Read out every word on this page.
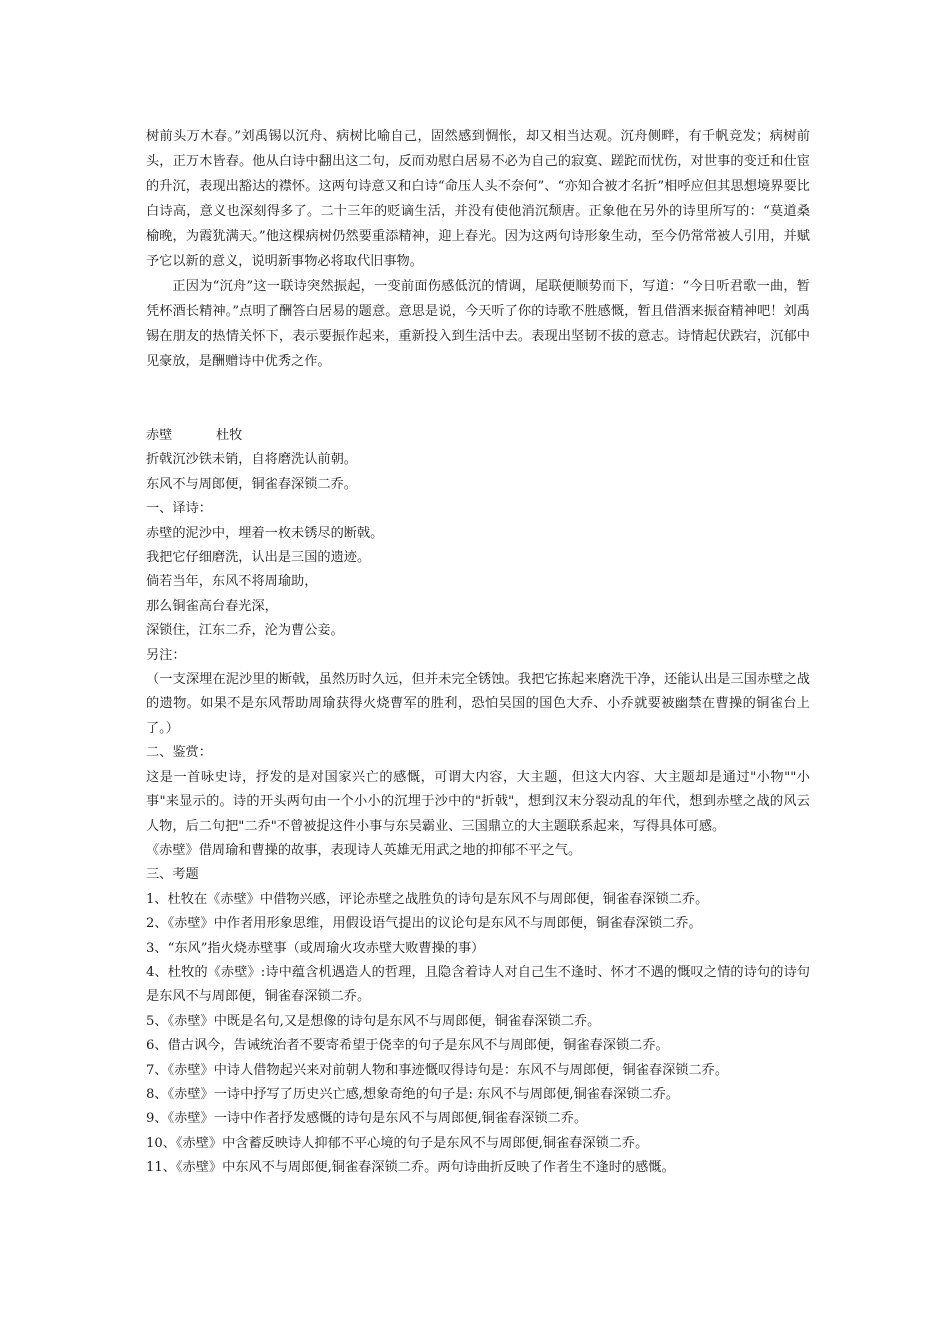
树前头万木春。”刘禹锡以沉舟、病树比喻自己，固然感到惆怅，却又相当达观。沉舟侧畔，有千帆竞发；病树前头，正万木皆春。他从白诗中翻出这二句，反而劝慰白居易不必为自己的寂寞、蹉跎而忧伤，对世事的变迁和仕宦的升沉，表现出豁达的襟怀。这两句诗意又和白诗“命压人头不奈何”、“亦知合被才名折”相呼应但其思想境界要比白诗高，意义也深刻得多了。二十三年的贬谪生活，并没有使他消沉颓唐。正象他在另外的诗里所写的：“莫道桑榆晚，为霞犹满天。”他这棵病树仍然要重添精神，迎上春光。因为这两句诗形象生动，至今仍常常被人引用，并赋予它以新的意义，说明新事物必将取代旧事物。

正因为“沉舟”这一联诗突然振起，一变前面伤感低沉的情调，尾联便顺势而下，写道：“今日听君歌一曲，暂凭杯酒长精神。”点明了酬答白居易的题意。意思是说，今天听了你的诗歌不胜感慨，暂且借酒来振奋精神吧！刘禹锡在朋友的热情关怀下，表示要振作起来，重新投入到生活中去。表现出坚韧不拔的意志。诗情起伏跌宕，沉郁中见豪放，是酬赠诗中优秀之作。

赤壁	杜牧

折戟沉沙铁未销，自将磨洗认前朝。

东风不与周郎便，铜雀春深锁二乔。

一、译诗：

赤壁的泥沙中，埋着一枚未锈尽的断戟。

我把它仔细磨洗，认出是三国的遗迹。

倘若当年，东风不将周瑜助，

那么铜雀高台春光深，

深锁住，江东二乔，沦为曹公妾。

另注：

（一支深埋在泥沙里的断戟，虽然历时久远，但并未完全锈蚀。我把它拣起来磨洗干净，还能认出是三国赤壁之战的遗物。如果不是东风帮助周瑜获得火烧曹军的胜利，恐怕吴国的国色大乔、小乔就要被幽禁在曹操的铜雀台上了。）

二、鉴赏：

这是一首咏史诗，抒发的是对国家兴亡的感慨，可谓大内容，大主题，但这大内容、大主题却是通过"小物""小事"来显示的。诗的开头两句由一个小小的沉埋于沙中的"折戟"，想到汉末分裂动乱的年代，想到赤壁之战的风云人物，后二句把"二乔"不曾被捉这件小事与东吴霸业、三国鼎立的大主题联系起来，写得具体可感。

《赤壁》借周瑜和曹操的故事，表现诗人英雄无用武之地的抑郁不平之气。

三、考题

1、杜牧在《赤壁》中借物兴感，评论赤壁之战胜负的诗句是东风不与周郎便，铜雀春深锁二乔。

2、《赤壁》中作者用形象思维，用假设语气提出的议论句是东风不与周郎便，铜雀春深锁二乔。

3、“东风”指火烧赤壁事（或周瑜火攻赤壁大败曹操的事）

4、杜牧的《赤壁》:诗中蕴含机遇造人的哲理，且隐含着诗人对自己生不逢时、怀才不遇的慨叹之情的诗句的诗句是东风不与周郎便，铜雀春深锁二乔。

5、《赤壁》中既是名句,又是想像的诗句是东风不与周郎便，铜雀春深锁二乔。

6、借古讽今，告诫统治者不要寄希望于侥幸的句子是东风不与周郎便，铜雀春深锁二乔。

7、《赤壁》中诗人借物起兴来对前朝人物和事迹慨叹得诗句是：东风不与周郎便，铜雀春深锁二乔。

8、《赤壁》一诗中抒写了历史兴亡感,想象奇绝的句子是: 东风不与周郎便,铜雀春深锁二乔。

9、《赤壁》一诗中作者抒发感慨的诗句是东风不与周郎便,铜雀春深锁二乔。

10、《赤壁》中含蓄反映诗人抑郁不平心境的句子是东风不与周郎便,铜雀春深锁二乔。

11、《赤壁》中东风不与周郎便,铜雀春深锁二乔。两句诗曲折反映了作者生不逢时的感慨。
